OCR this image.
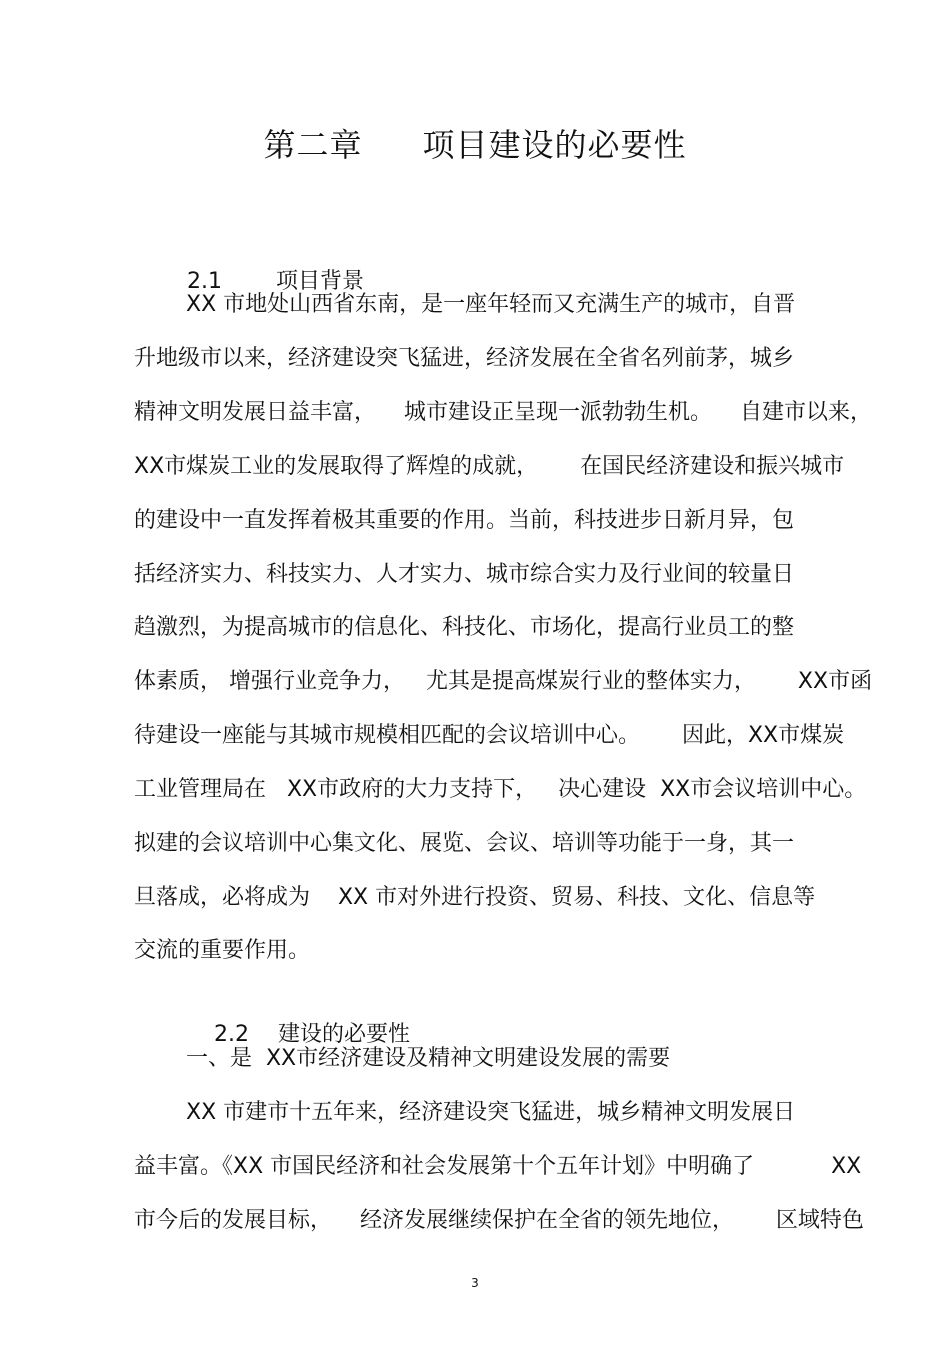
第二章 项目建设的必要性

2.1 项目背景

XX 市地处山西省东南，是一座年轻而又充满生产的城市，自晋
升地级市以来，经济建设突飞猛进，经济发展在全省名列前茅，城乡
精神文明发展日益丰富，    城市建设正呈现一派勃勃生机。    自建市以来，
XX市煤炭工业的发展取得了辉煌的成就，      在国民经济建设和振兴城市
的建设中一直发挥着极其重要的作用。当前，科技进步日新月异，包
括经济实力、科技实力、人才实力、城市综合实力及行业间的较量日
趋激烈，为提高城市的信息化、科技化、市场化，提高行业员工的整
体素质， 增强行业竞争力，   尤其是提高煤炭行业的整体实力，      XX市函
待建设一座能与其城市规模相匹配的会议培训中心。      因此，XX市煤炭
工业管理局在   XX市政府的大力支持下，   决心建设  XX市会议培训中心。
拟建的会议培训中心集文化、展览、会议、培训等功能于一身，其一
旦落成，必将成为    XX 市对外进行投资、贸易、科技、文化、信息等
交流的重要作用。

2.2 建设的必要性

一、是  XX市经济建设及精神文明建设发展的需要
XX 市建市十五年来，经济建设突飞猛进，城乡精神文明发展日
益丰富。《XX 市国民经济和社会发展第十个五年计划》中明确了           XX
市今后的发展目标，    经济发展继续保护在全省的领先地位，      区域特色
3
